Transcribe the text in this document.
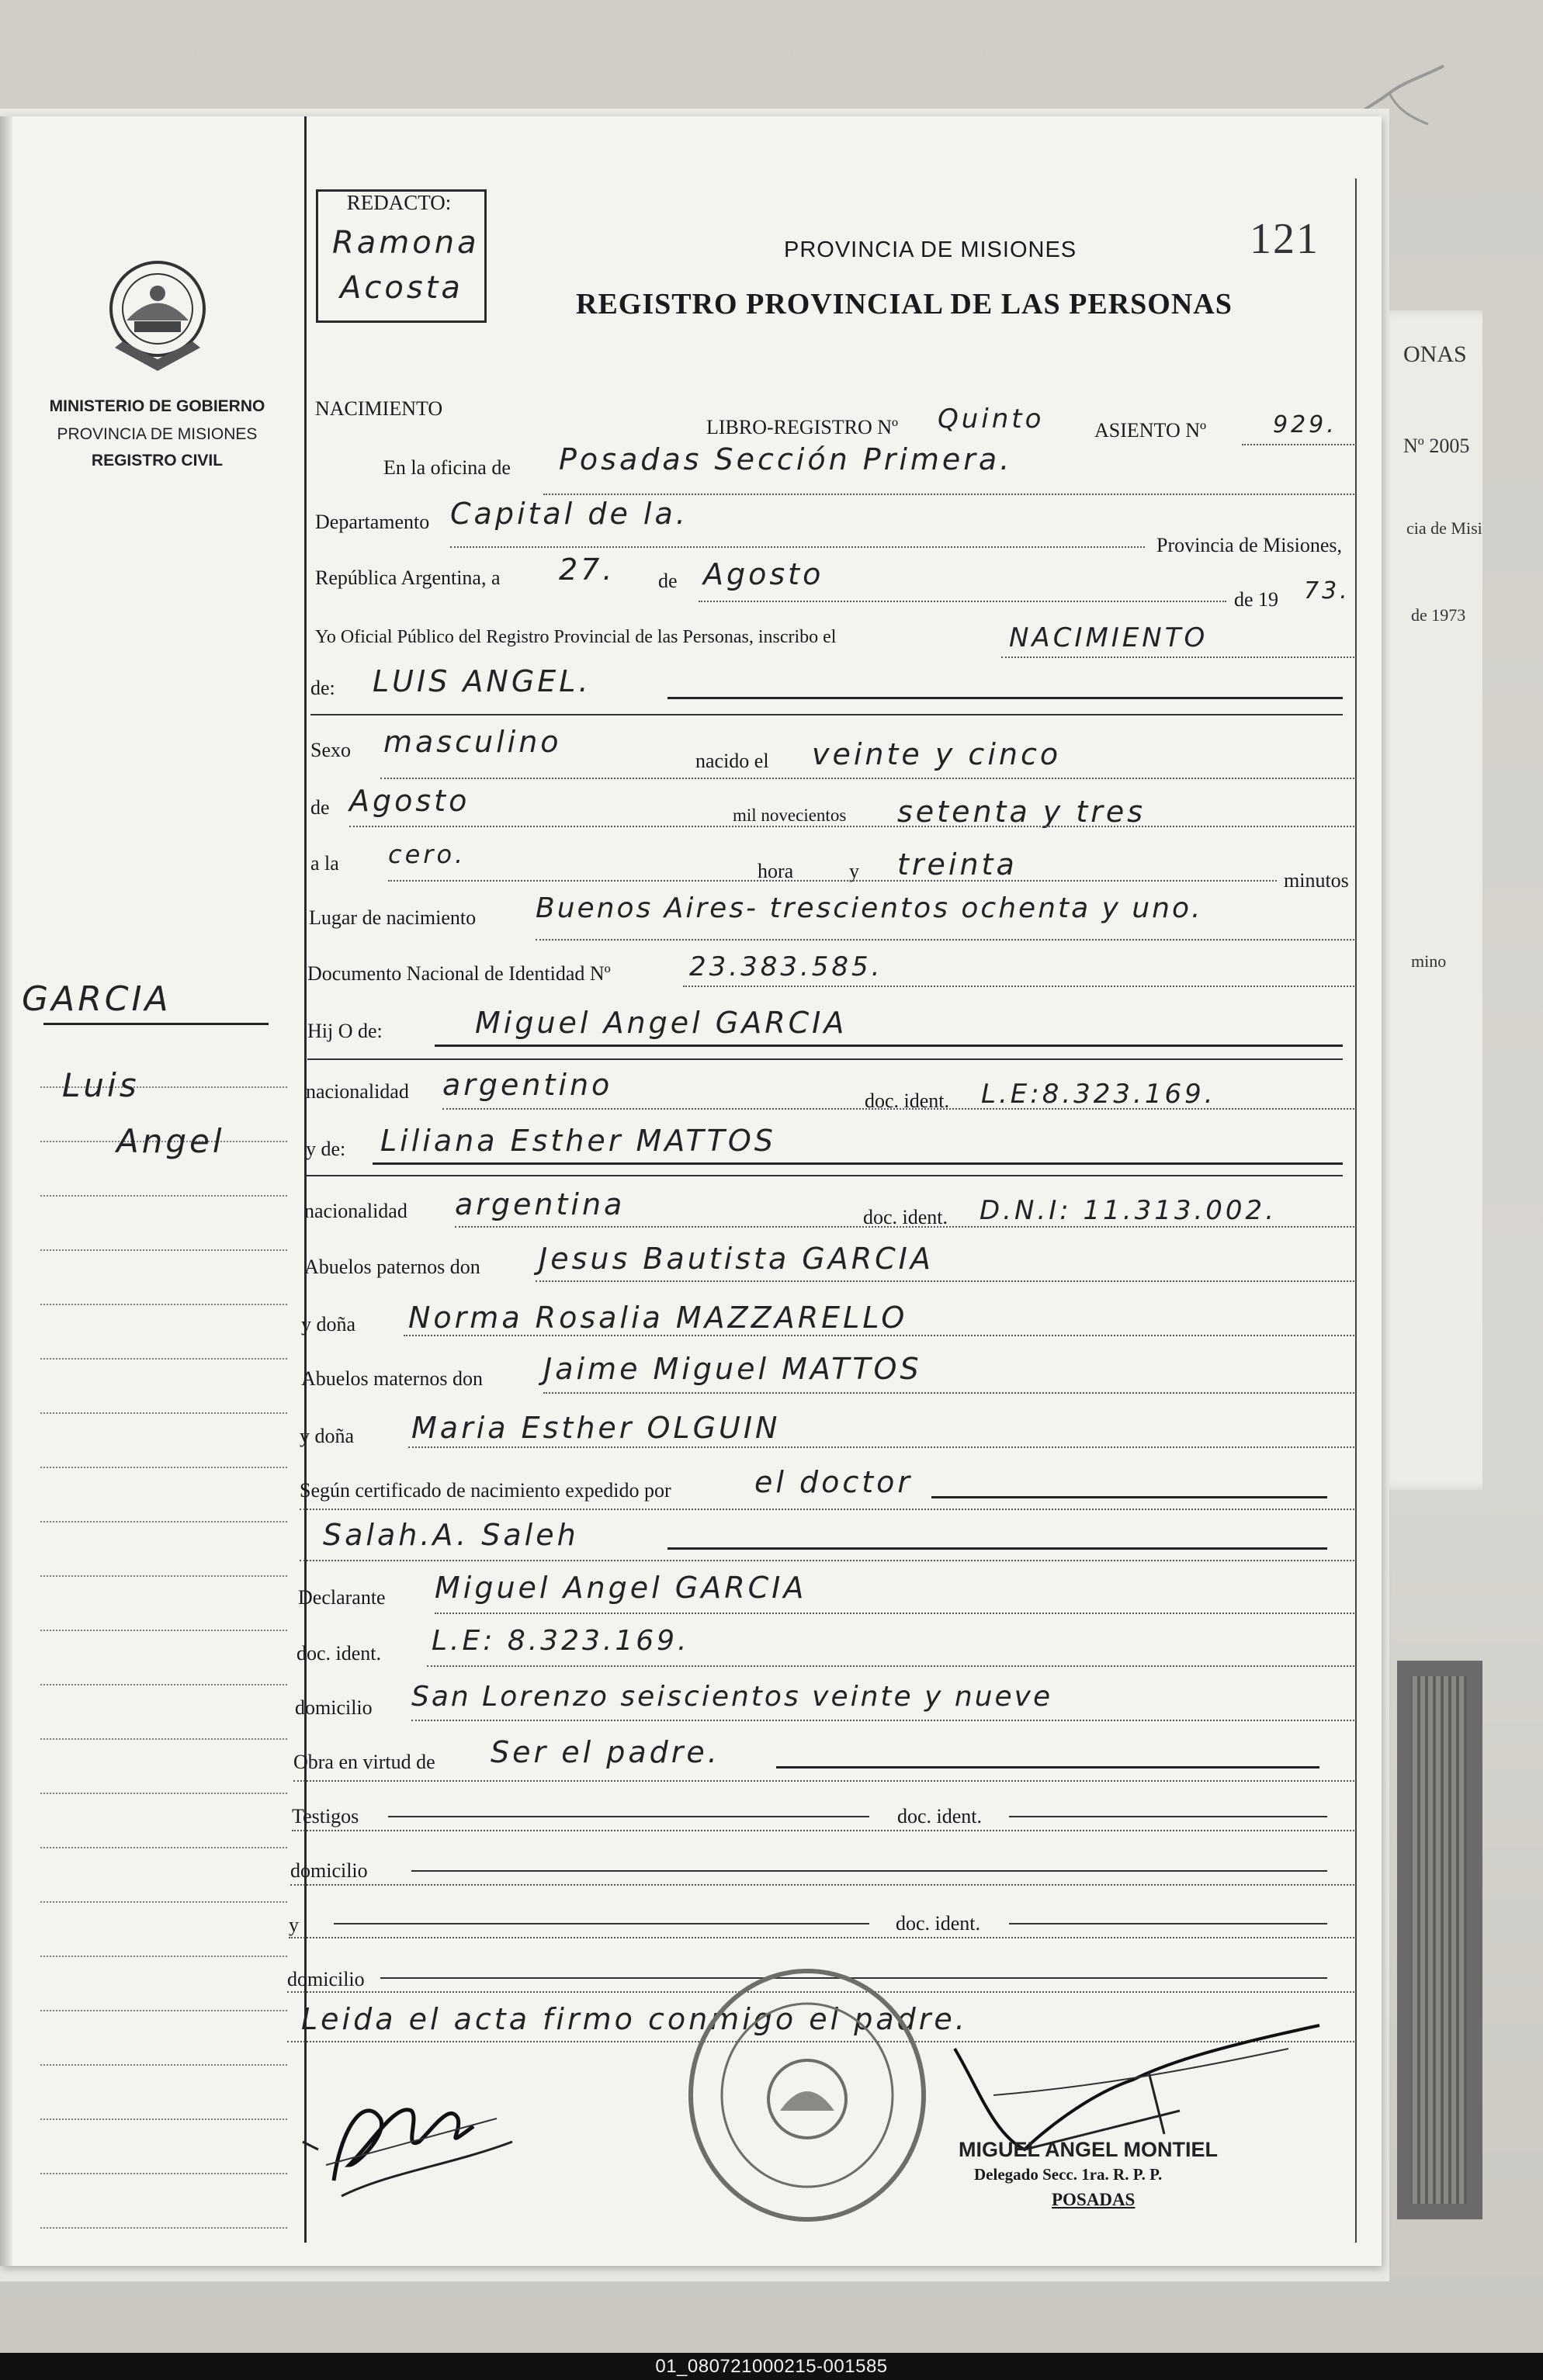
ONAS
Nº 2005
cia de Misi
de 1973
mino
MINISTERIO DE GOBIERNO
PROVINCIA DE MISIONES
REGISTRO CIVIL
GARCIA
Luis
Angel
REDACTO:
Ramona
Acosta
PROVINCIA DE MISIONES	121
REGISTRO PROVINCIAL DE LAS PERSONAS
NACIMIENTO
LIBRO-REGISTRO Nº Quinto ASIENTO Nº	929.
En la oficina de Posadas Sección Primera.
Departamento Capital de la.
Provincia de Misiones,
República Argentina, a 27. de Agosto
de 19 73.
Yo Oficial Público del Registro Provincial de las Personas, inscribo el	NACIMIENTO
de: LUIS ANGEL.
Sexo masculino
nacido el veinte y cinco
de Agosto	mil novecientos setenta y tres
a la cero.
hora	y treinta	minutos
Lugar de nacimiento Buenos Aires- trescientos ochenta y uno.
Documento Nacional de Identidad Nº	23.383.585.
Hij O de:	Miguel Angel GARCIA
nacionalidad argentino	doc. ident. L.E:8.323.169.
y de: Liliana Esther MATTOS
nacionalidad argentina	doc. ident. D.N.I: 11.313.002.
Abuelos paternos don Jesus Bautista GARCIA
y doña Norma Rosalia MAZZARELLO
Abuelos maternos don Jaime Miguel MATTOS
y doña Maria Esther OLGUIN
Según certificado de nacimiento expedido por	el doctor
Salah.A. Saleh
Declarante Miguel Angel GARCIA
doc. ident. L.E: 8.323.169.
domicilio San Lorenzo seiscientos veinte y nueve
Obra en virtud de Ser el padre.
Testigos	doc. ident.
domicilio
y	doc. ident.
domicilio
Leida el acta firmo conmigo el padre.
MIGUEL ANGEL MONTIEL
Delegado Secc. 1ra. R. P. P.
POSADAS
01_080721000215-001585
